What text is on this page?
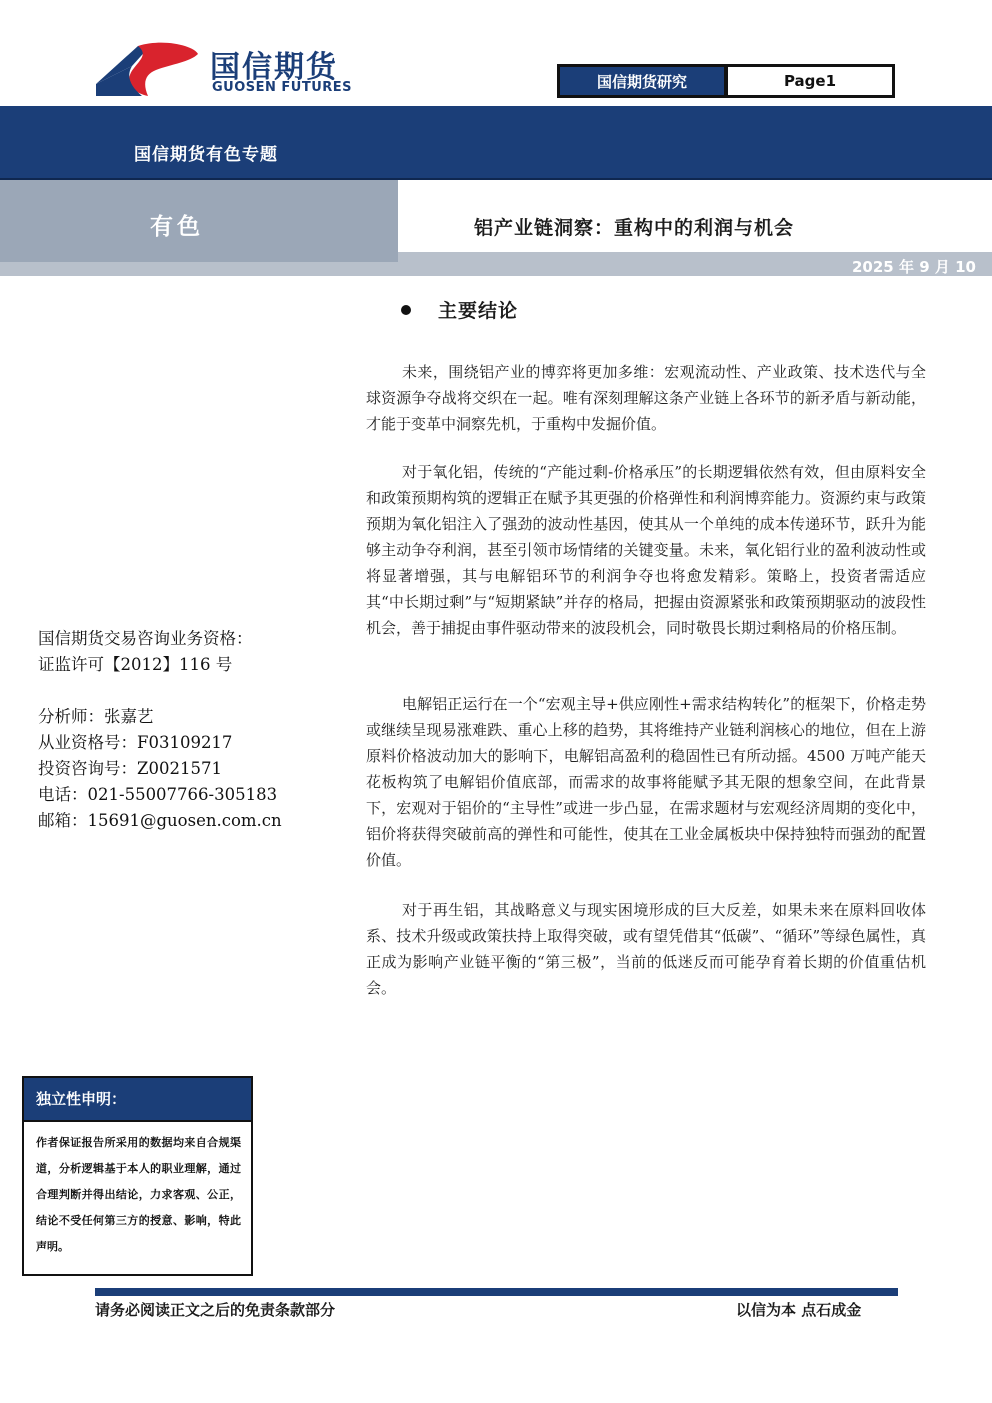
国信期货
GUOSEN FUTURES	国信期货研究	Page1
国信期货有色专题
有色	铝产业链洞察：重构中的利润与机会
2025 年 9 月 10 日
主要结论
未来，围绕铝产业的博弈将更加多维：宏观流动性、产业政策、技术迭代与全球资源争夺战将交织在一起。唯有深刻理解这条产业链上各环节的新矛盾与新动能，才能于变革中洞察先机，于重构中发掘价值。
对于氧化铝，传统的“产能过剩-价格承压”的长期逻辑依然有效，但由原料安全和政策预期构筑的逻辑正在赋予其更强的价格弹性和利润博弈能力。资源约束与政策预期为氧化铝注入了强劲的波动性基因，使其从一个单纯的成本传递环节，跃升为能够主动争夺利润，甚至引领市场情绪的关键变量。未来，氧化铝行业的盈利波动性或将显著增强，其与电解铝环节的利润争夺也将愈发精彩。策略上，投资者需适应其“中长期过剩”与“短期紧缺”并存的格局，把握由资源紧张和政策预期驱动的波段性机会，善于捕捉由事件驱动带来的波段机会，同时敬畏长期过剩格局的价格压制。
电解铝正运行在一个“宏观主导+供应刚性+需求结构转化”的框架下，价格走势或继续呈现易涨难跌、重心上移的趋势，其将维持产业链利润核心的地位，但在上游原料价格波动加大的影响下，电解铝高盈利的稳固性已有所动摇。4500 万吨产能天花板构筑了电解铝价值底部，而需求的故事将能赋予其无限的想象空间，在此背景下，宏观对于铝价的“主导性”或进一步凸显，在需求题材与宏观经济周期的变化中，铝价将获得突破前高的弹性和可能性，使其在工业金属板块中保持独特而强劲的配置价值。
对于再生铝，其战略意义与现实困境形成的巨大反差，如果未来在原料回收体系、技术升级或政策扶持上取得突破，或有望凭借其“低碳”、“循环”等绿色属性，真正成为影响产业链平衡的“第三极”，当前的低迷反而可能孕育着长期的价值重估机会。
国信期货交易咨询业务资格：
证监许可【2012】116 号
分析师：张嘉艺
从业资格号：F03109217
投资咨询号：Z0021571
电话：021-55007766-305183
邮箱：15691@guosen.com.cn
独立性申明：
作者保证报告所采用的数据均来自合规渠道，分析逻辑基于本人的职业理解，通过合理判断并得出结论，力求客观、公正，结论不受任何第三方的授意、影响，特此声明。
请务必阅读正文之后的免责条款部分	以信为本 点石成金
